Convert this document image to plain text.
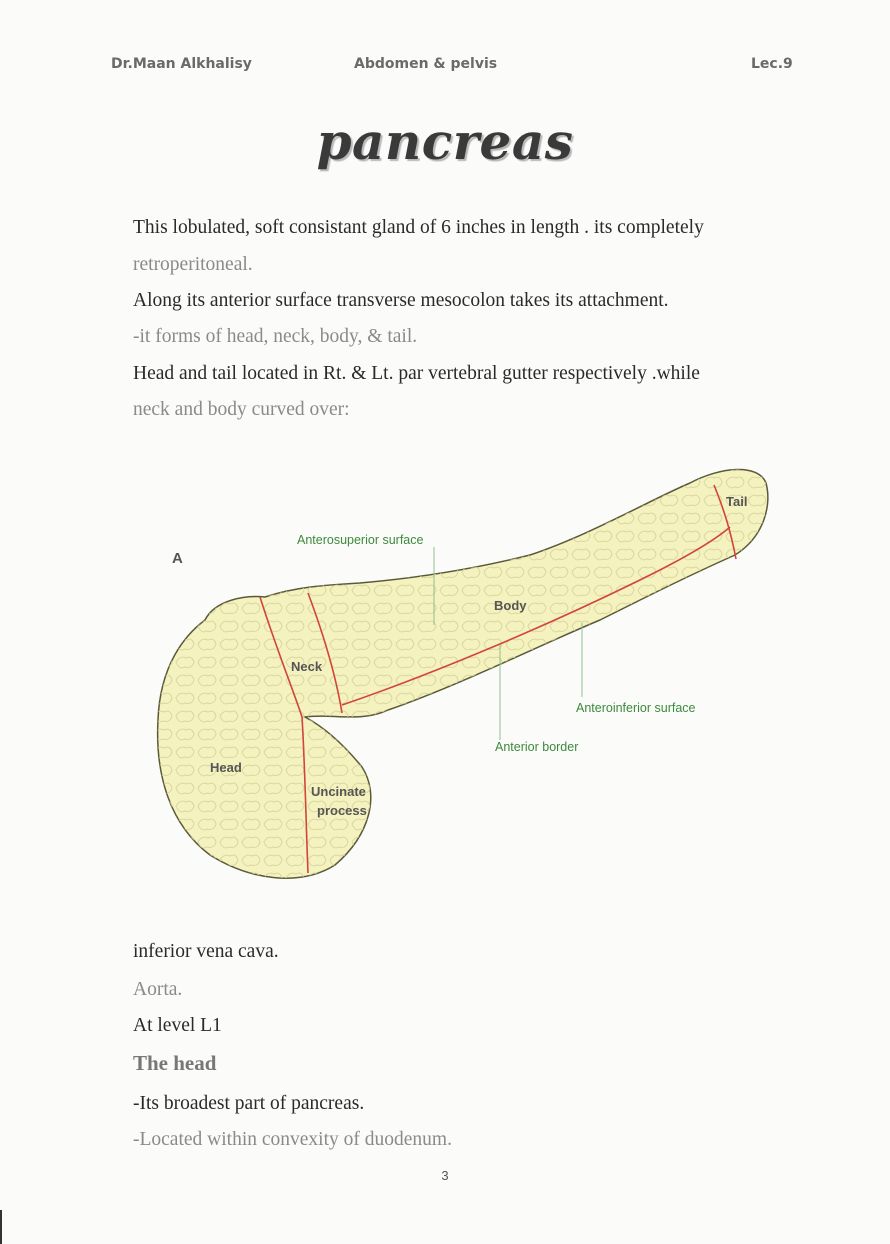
Dr.Maan Alkhalisy	Abdomen & pelvis	Lec.9
pancreas
This lobulated, soft consistant gland of 6 inches in length . its completely
retroperitoneal.
Along its anterior surface transverse mesocolon takes its attachment.
-it forms of head, neck, body, & tail.
Head and tail located in Rt. & Lt. par vertebral gutter respectively .while
neck and body curved over:
A
Tail
Anterosuperior surface
Body
Neck
Anteroinferior surface
Anterior border
Head
Uncinate
process
inferior vena cava.
Aorta.
At level L1
The head
-Its broadest part of pancreas.
-Located within convexity of duodenum.
3
